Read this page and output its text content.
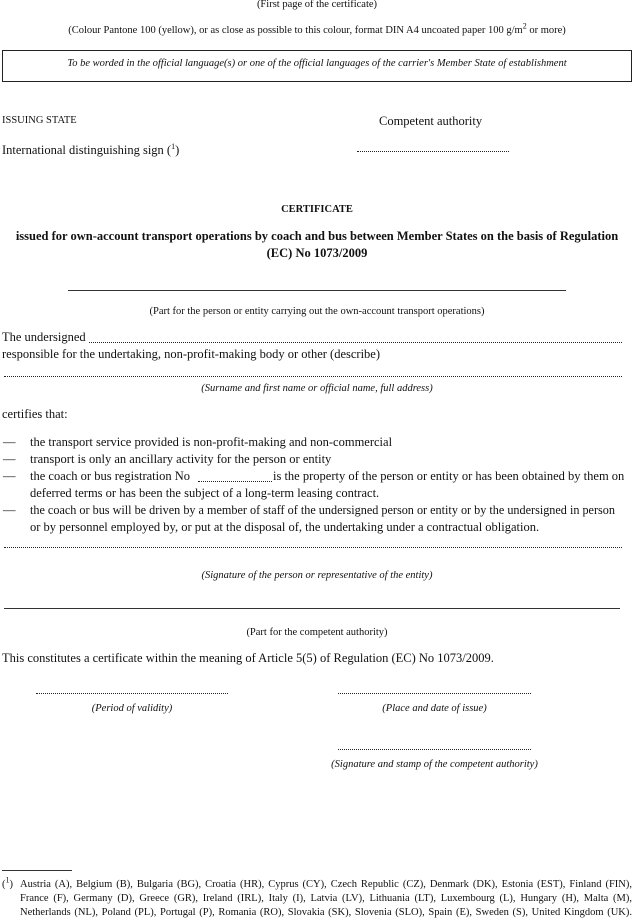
(First page of the certificate)
(Colour Pantone 100 (yellow), or as close as possible to this colour, format DIN A4 uncoated paper 100 $g/m^2$ or more)
To be worded in the official language(s) or one of the official languages of the carrier's Member State of establishment
ISSUING STATE	Competent authority
International distinguishing sign ($^1$)
CERTIFICATE
issued for own-account transport operations by coach and bus between Member States on the basis of Regulation
(EC) No 1073/2009
(Part for the person or entity carrying out the own-account transport operations)
The undersigned
responsible for the undertaking, non-profit-making body or other (describe)
(Surname and first name or official name, full address)
certifies that:
—	the transport service provided is non-profit-making and non-commercial
—	transport is only an ancillary activity for the person or entity
—	the coach or bus registration No	is the property of the person or entity or has been obtained by them on
deferred terms or has been the subject of a long-term leasing contract.
—	the coach or bus will be driven by a member of staff of the undersigned person or entity or by the undersigned in person
or by personnel employed by, or put at the disposal of, the undertaking under a contractual obligation.
(Signature of the person or representative of the entity)
(Part for the competent authority)
This constitutes a certificate within the meaning of Article 5(5) of Regulation (EC) No 1073/2009.
(Period of validity)	(Place and date of issue)
(Signature and stamp of the competent authority)
($^1$) Austria (A), Belgium (B), Bulgaria (BG), Croatia (HR), Cyprus (CY), Czech Republic (CZ), Denmark (DK), Estonia (EST), Finland (FIN),
France (F), Germany (D), Greece (GR), Ireland (IRL), Italy (I), Latvia (LV), Lithuania (LT), Luxembourg (L), Hungary (H), Malta (M),
Netherlands (NL), Poland (PL), Portugal (P), Romania (RO), Slovakia (SK), Slovenia (SLO), Spain (E), Sweden (S), United Kingdom (UK).
